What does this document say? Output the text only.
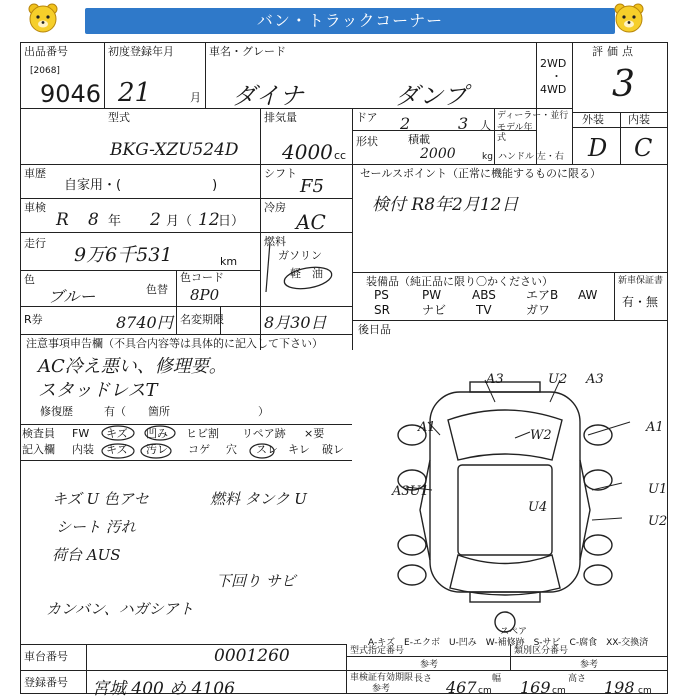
バン・トラックコーナー
出品番号
[2068]
9046
初度登録年月
21	月
車名・グレード
ダイナ	ダンプ
2WD
・
4WD
評価点
3
外装 内装
D C
型式
BKG-XZU524D
排気量
4000 cc
ドア 2	3 人
ディーラー・並行
モデル年式
形状	積載
2000	kg ハンドル 左・右
車歴
自家用・(　　　　　　　)
シフト
F5
セールスポイント（正常に機能するものに限る）
検付 R8年2月12日
車検
R 8 年 2 月（ 12
日）
冷房
AC
走行
9万6千531	km
燃料
ガソリン
軽　油
色
ブルー	色替
色コード
8P0
装備品（純正品に限り〇かください）	新車保証書
有・無
PS	PW	ABS	エアB AW
SR	ナビ TV	ガワ
後日品
R券	8740円 名変期限	8月30日
注意事項申告欄（不具合内容等は具体的に記入して下さい）
AC冷え悪い、修理要。
スタッドレスT
修復歴	有（　　箇所　　　　　　　　）
検査員
記入欄
FW キズ 凹み ヒビ割 リペア跡 ×要
内装 キズ 汚レ コゲ 穴 スレ キレ 破レ
キズ U 色アセ
シート 汚れ
荷台 AUS
カンバン、ハガシアト
燃料 タンク U
下回り サビ
A3	U2 A3
A1	A1
W2
A3U1	U1
U4
U2
スペア
A-キズ　E-エクボ　U-凹み　W-補修跡　S-サビ　C-腐食　XX-交換済
車台番号	0001260
登録番号 宮城 400 め 4106
型式指定番号
参考
類別区分番号
参考
車検証有効期限
参考
長さ 467 cm
幅 169 cm
高さ 198 cm
